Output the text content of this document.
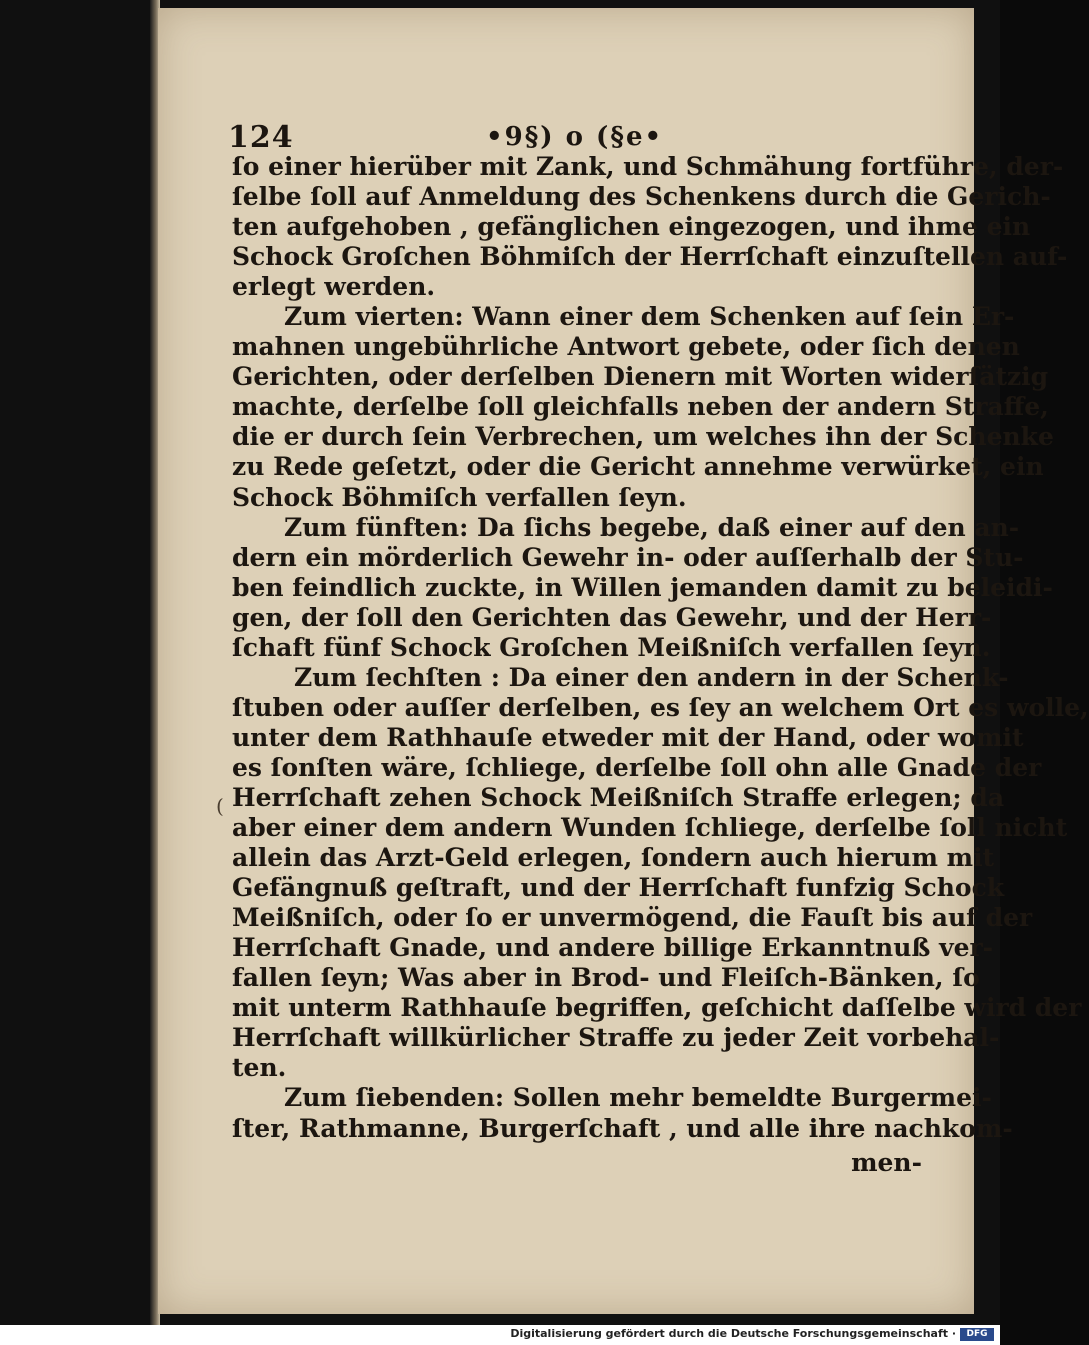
124	•9§) o (§e•
(
ſo einer hierüber mit Zank, und Schmähung fortführe, der-
ſelbe ſoll auf Anmeldung des Schenkens durch die Gerich-
ten aufgehoben , gefänglichen eingezogen, und ihme ein
Schock Groſchen Böhmiſch der Herrſchaft einzuſtellen auf-
erlegt werden.
Zum vierten: Wann einer dem Schenken auf ſein Er-
mahnen ungebührliche Antwort gebete, oder ſich denen
Gerichten, oder derſelben Dienern mit Worten widerſätzig
machte, derſelbe ſoll gleichfalls neben der andern Straffe,
die er durch ſein Verbrechen, um welches ihn der Schenke
zu Rede geſetzt, oder die Gericht annehme verwürket, ein
Schock Böhmiſch verfallen ſeyn.
Zum fünften: Da ſichs begebe, daß einer auf den an-
dern ein mörderlich Gewehr in- oder auſſerhalb der Stu-
ben feindlich zuckte, in Willen jemanden damit zu beleidi-
gen, der ſoll den Gerichten das Gewehr, und der Herr-
ſchaft fünf Schock Groſchen Meißniſch verfallen ſeyn.
Zum ſechſten : Da einer den andern in der Schenk-
ſtuben oder auſſer derſelben, es ſey an welchem Ort es wolle,
unter dem Rathhauſe etweder mit der Hand, oder womit
es ſonſten wäre, ſchliege, derſelbe ſoll ohn alle Gnade der
Herrſchaft zehen Schock Meißniſch Straffe erlegen; da
aber einer dem andern Wunden ſchliege, derſelbe ſoll nicht
allein das Arzt-Geld erlegen, ſondern auch hierum mit
Gefängnuß geſtraft, und der Herrſchaft funfzig Schock
Meißniſch, oder ſo er unvermögend, die Fauſt bis auf der
Herrſchaft Gnade, und andere billige Erkanntnuß ver-
fallen ſeyn; Was aber in Brod- und Fleiſch-Bänken, ſo
mit unterm Rathhauſe begriffen, geſchicht daſſelbe wird der
Herrſchaft willkürlicher Straffe zu jeder Zeit vorbehal-
ten.
Zum ſiebenden: Sollen mehr bemeldte Burgermei-
ſter, Rathmanne, Burgerſchaft , und alle ihre nachkom-
men-
Digitalisierung gefördert durch die Deutsche Forschungsgemeinschaft ·	DFG
